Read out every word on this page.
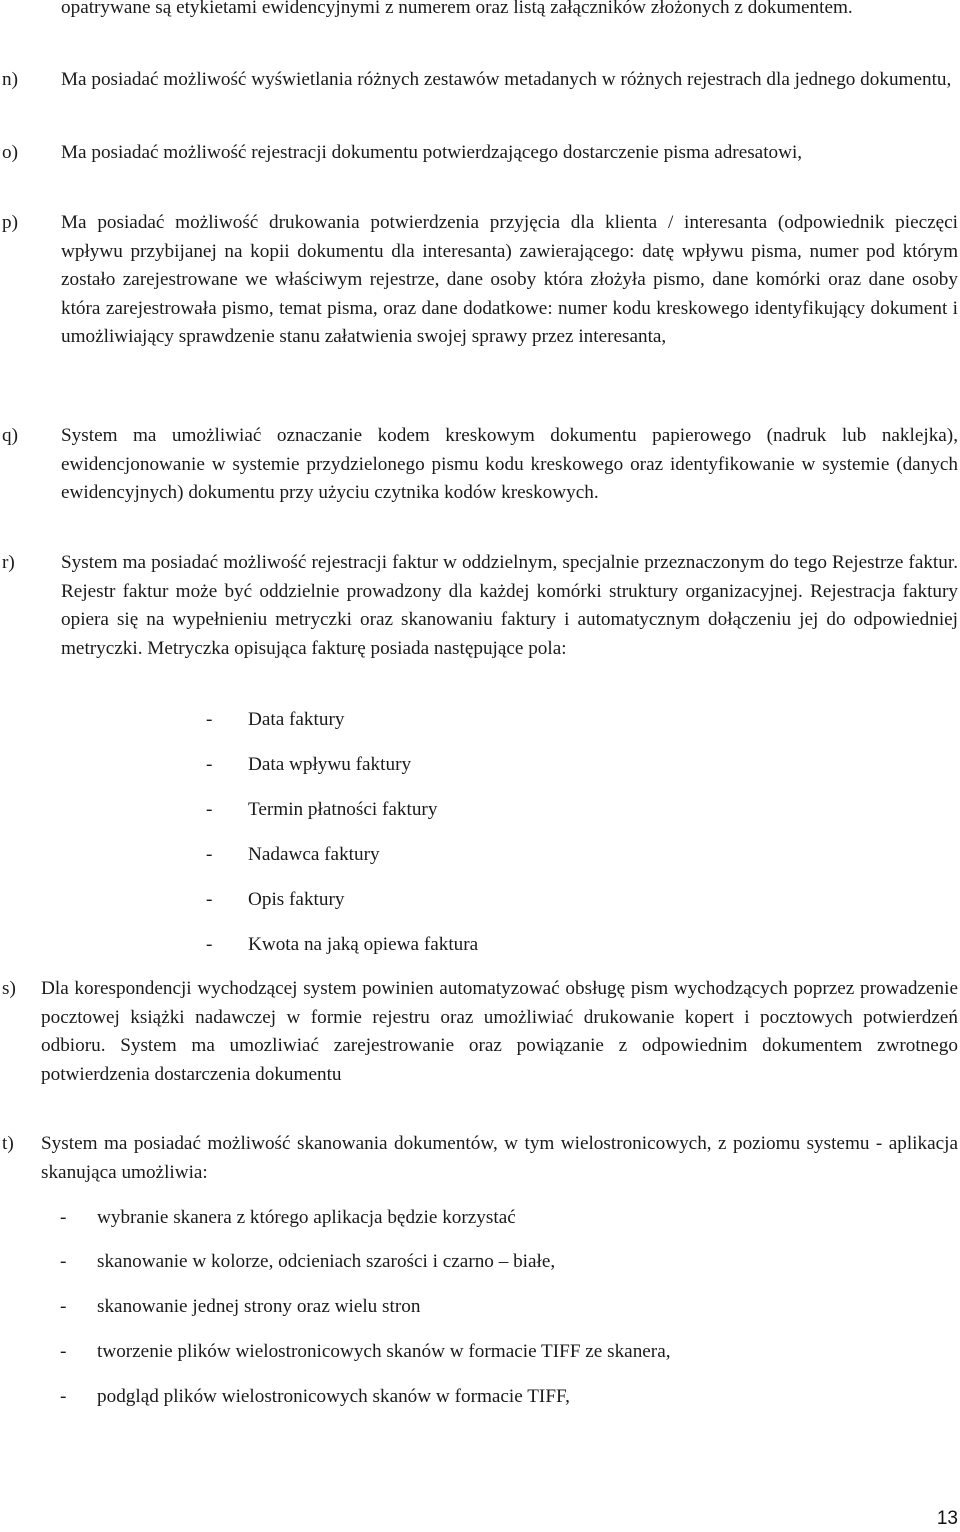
opatrywane są etykietami ewidencyjnymi z numerem oraz listą załączników złożonych z dokumentem.
n) Ma posiadać możliwość wyświetlania różnych zestawów metadanych w różnych rejestrach dla jednego dokumentu,
o) Ma posiadać możliwość rejestracji dokumentu potwierdzającego dostarczenie pisma adresatowi,
p) Ma posiadać możliwość drukowania potwierdzenia przyjęcia dla klienta / interesanta (odpowiednik pieczęci wpływu przybijanej na kopii dokumentu dla interesanta) zawierającego: datę wpływu pisma, numer pod którym zostało zarejestrowane we właściwym rejestrze, dane osoby która złożyła pismo, dane komórki oraz dane osoby która zarejestrowała pismo, temat pisma, oraz dane dodatkowe: numer kodu kreskowego identyfikujący dokument i umożliwiający sprawdzenie stanu załatwienia swojej sprawy przez interesanta,
q) System ma umożliwiać oznaczanie kodem kreskowym dokumentu papierowego (nadruk lub naklejka), ewidencjonowanie w systemie przydzielonego pismu kodu kreskowego oraz identyfikowanie w systemie (danych ewidencyjnych) dokumentu przy użyciu czytnika kodów kreskowych.
r) System ma posiadać możliwość rejestracji faktur w oddzielnym, specjalnie przeznaczonym do tego Rejestrze faktur. Rejestr faktur może być oddzielnie prowadzony dla każdej komórki struktury organizacyjnej. Rejestracja faktury opiera się na wypełnieniu metryczki oraz skanowaniu faktury i automatycznym dołączeniu jej do odpowiedniej metryczki. Metryczka opisująca fakturę posiada następujące pola:
- Data faktury
- Data wpływu faktury
- Termin płatności faktury
- Nadawca faktury
- Opis faktury
- Kwota na jaką opiewa faktura
s) Dla korespondencji wychodzącej system powinien automatyzować obsługę pism wychodzących poprzez prowadzenie pocztowej książki nadawczej w formie rejestru oraz umożliwiać drukowanie kopert i pocztowych potwierdzeń odbioru. System ma umozliwiać zarejestrowanie oraz powiązanie z odpowiednim dokumentem zwrotnego potwierdzenia dostarczenia dokumentu
t) System ma posiadać możliwość skanowania dokumentów, w tym wielostronicowych, z poziomu systemu - aplikacja skanująca umożliwia:
- wybranie skanera z którego aplikacja będzie korzystać
- skanowanie w kolorze, odcieniach szarości i czarno – białe,
- skanowanie jednej strony oraz wielu stron
- tworzenie plików wielostronicowych skanów w formacie TIFF ze skanera,
- podgląd plików wielostronicowych skanów w formacie TIFF,
13
